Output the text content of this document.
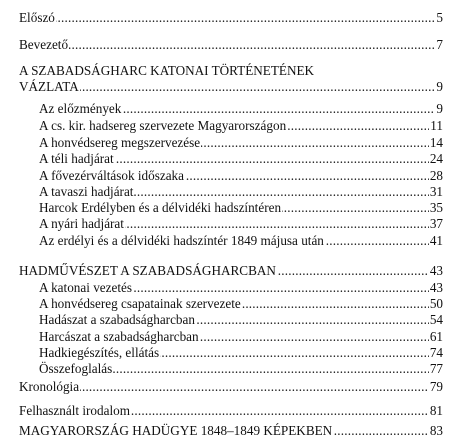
Előszó .....	5
Bevezető .....	7
A SZABADSÁGHARC KATONAI TÖRTÉNETÉNEK
VÁZLATA .....	9
Az előzmények .....	9
A cs. kir. hadsereg szervezete Magyarországon .....	11
A honvédsereg megszervezése .....	14
A téli hadjárat .....	24
A fővezérváltások időszaka .....	28
A tavaszi hadjárat .....	31
Harcok Erdélyben és a délvidéki hadszíntéren .....	35
A nyári hadjárat .....	37
Az erdélyi és a délvidéki hadszíntér 1849 májusa után .....	41
HADMŰVÉSZET A SZABADSÁGHARCBAN .....	43
A katonai vezetés .....	43
A honvédsereg csapatainak szervezete .....	50
Hadászat a szabadságharcban .....	54
Harcászat a szabadságharcban .....	61
Hadkiegészítés, ellátás .....	74
Összefoglalás .....	77
Kronológia .....	79
Felhasznált irodalom .....	81
MAGYARORSZÁG HADÜGYE 1848–1849 KÉPEKBEN .....	83
